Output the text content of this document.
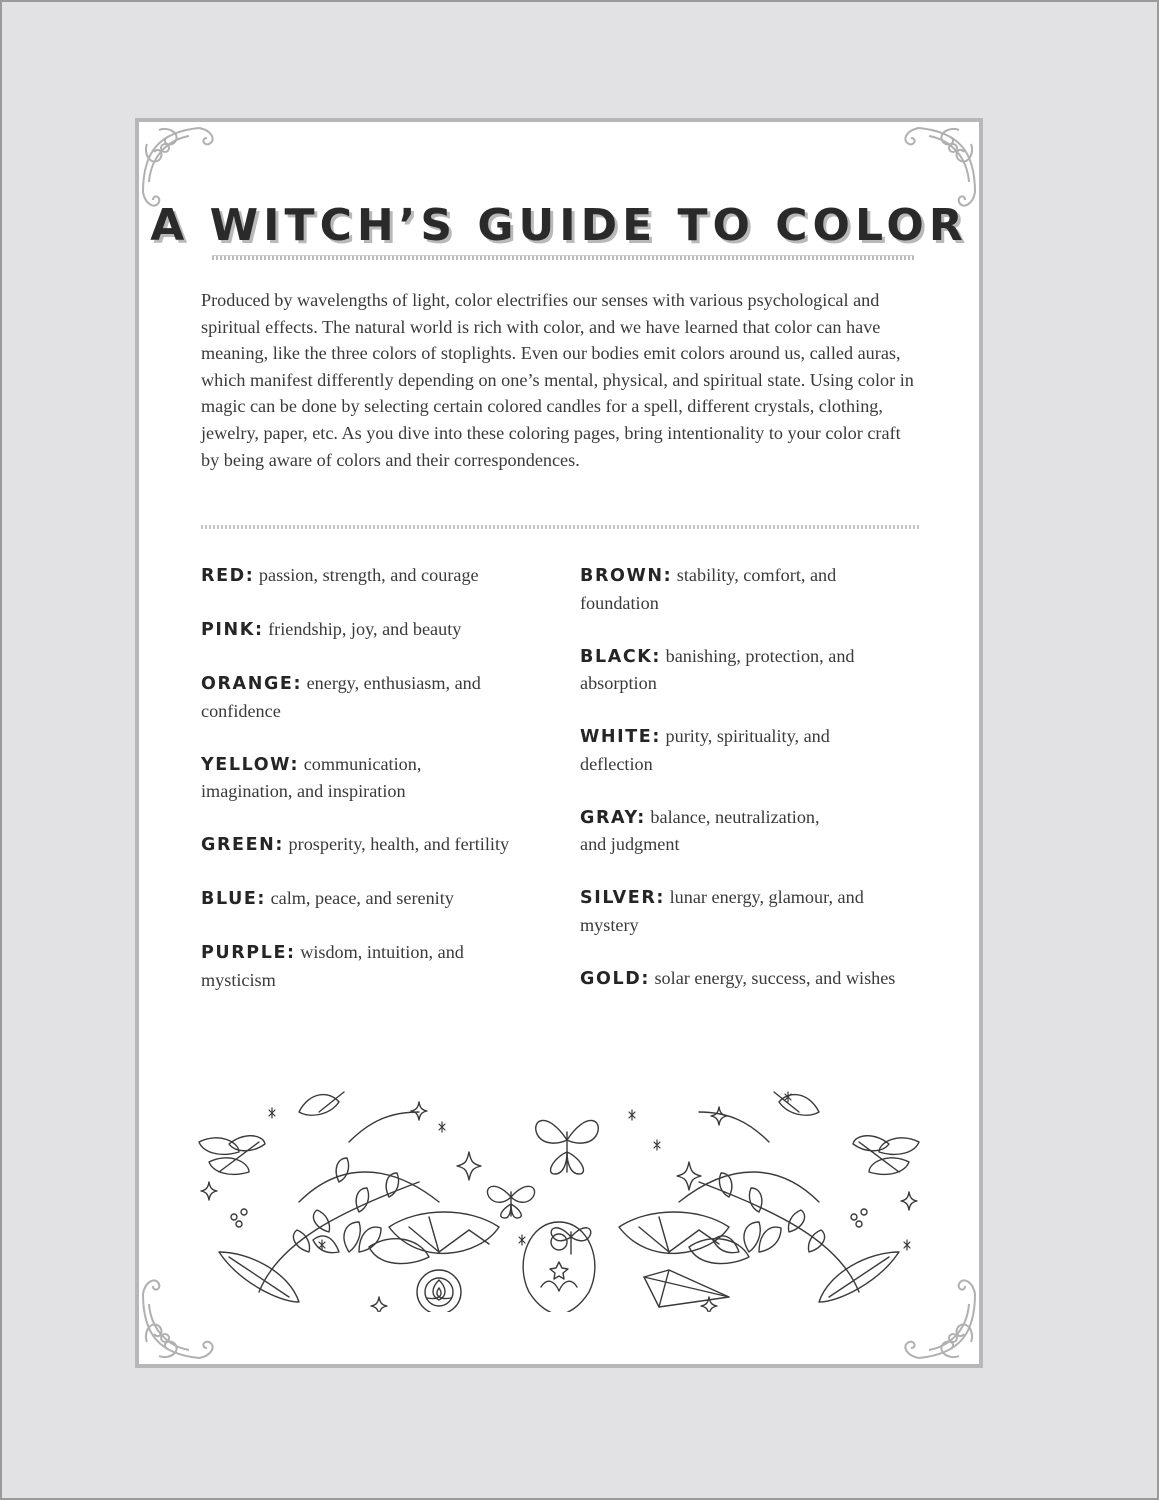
A WITCH’S GUIDE TO COLOR

Produced by wavelengths of light, color electrifies our senses with various psychological and spiritual effects. The natural world is rich with color, and we have learned that color can have meaning, like the three colors of stoplights. Even our bodies emit colors around us, called auras, which manifest differently depending on one’s mental, physical, and spiritual state. Using color in magic can be done by selecting certain colored candles for a spell, different crystals, clothing, jewelry, paper, etc. As you dive into these coloring pages, bring intentionality to your color craft by being aware of colors and their correspondences.

RED: passion, strength, and courage

PINK: friendship, joy, and beauty

ORANGE: energy, enthusiasm, and confidence

YELLOW: communication, imagination, and inspiration

GREEN: prosperity, health, and fertility

BLUE: calm, peace, and serenity

PURPLE: wisdom, intuition, and mysticism

BROWN: stability, comfort, and foundation

BLACK: banishing, protection, and absorption

WHITE: purity, spirituality, and deflection

GRAY: balance, neutralization, and judgment

SILVER: lunar energy, glamour, and mystery

GOLD: solar energy, success, and wishes
